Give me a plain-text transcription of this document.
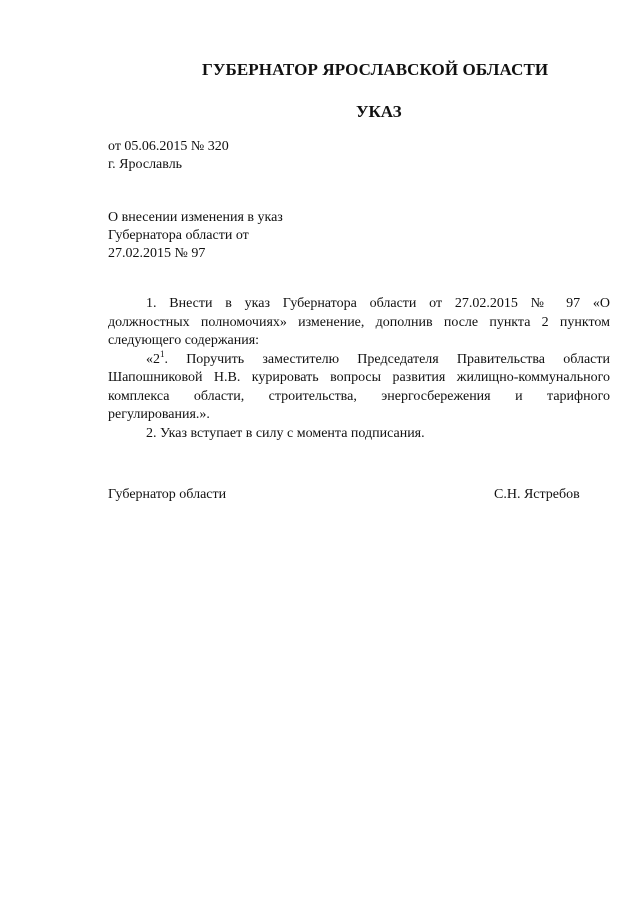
ГУБЕРНАТОР ЯРОСЛАВСКОЙ ОБЛАСТИ
УКАЗ
от 05.06.2015 № 320
г. Ярославль
О внесении изменения в указ
Губернатора области от
27.02.2015 № 97

1. Внести в указ Губернатора области от 27.02.2015 № 97 «О

должностных полномочиях» изменение, дополнив после пункта 2 пунктом

следующего содержания:

«$2^1$. Поручить заместителю Председателя Правительства области

Шапошниковой Н.В. курировать вопросы развития жилищно-коммунального

комплекса области, строительства, энергосбережения и тарифного

регулирования.».

2. Указ вступает в силу с момента подписания.

Губернатор области	С.Н. Ястребов
